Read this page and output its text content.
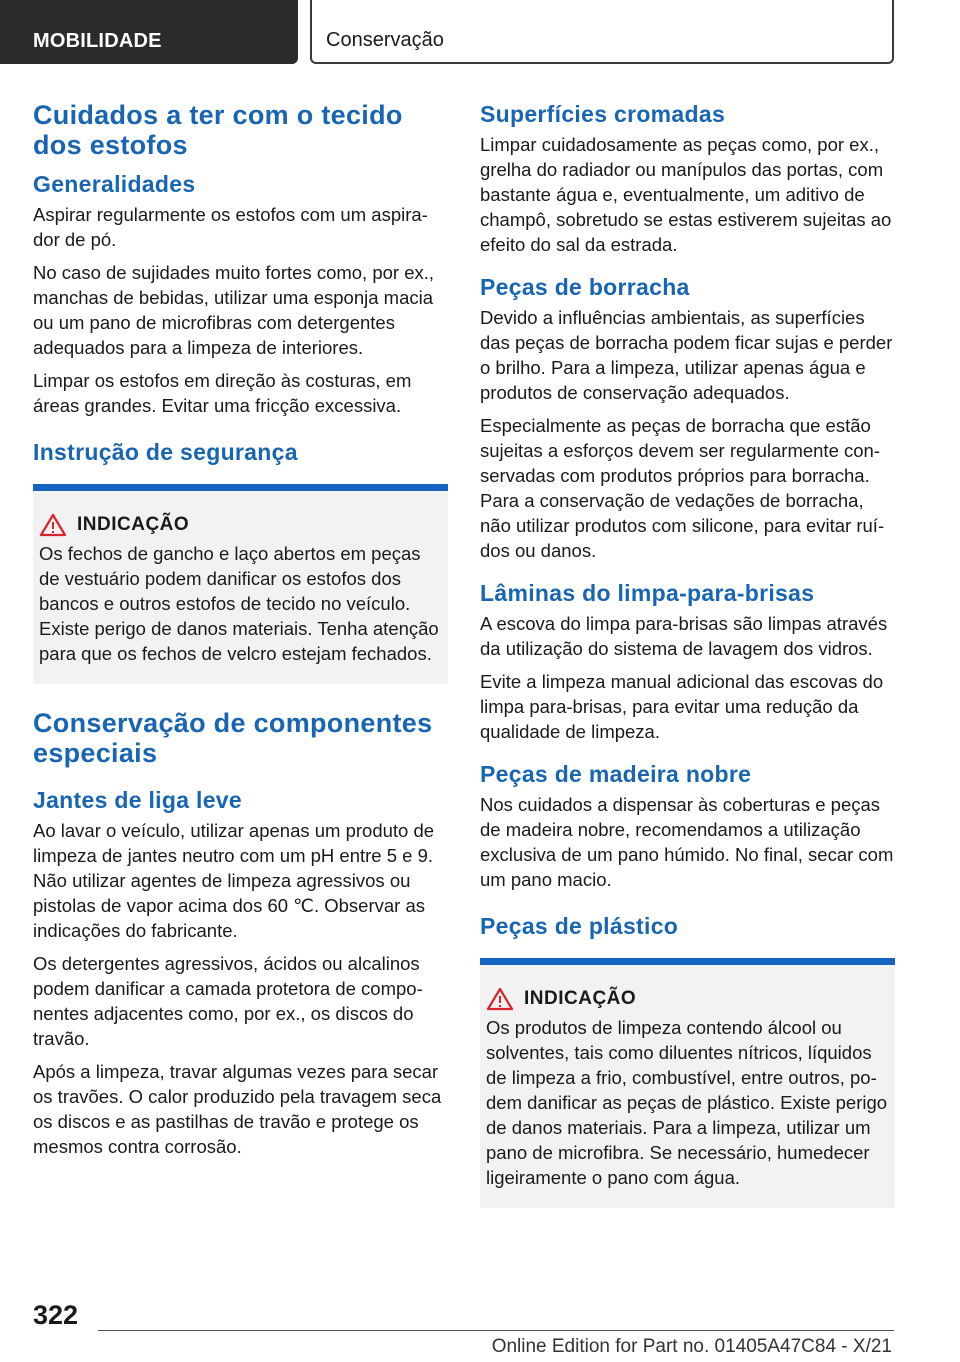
MOBILIDADE	Conservação
Cuidados a ter com o tecido dos estofos
Generalidades

Aspirar regularmente os estofos com um aspirador de pó.

No caso de sujidades muito fortes como, por ex., manchas de bebidas, utilizar uma esponja macia ou um pano de microfibras com detergentes adequados para a limpeza de interiores.

Limpar os estofos em direção às costuras, em áreas grandes. Evitar uma fricção excessiva.

Instrução de segurança
INDICAÇÃO

Os fechos de gancho e laço abertos em peças de vestuário podem danificar os estofos dos bancos e outros estofos de tecido no veículo. Existe perigo de danos materiais. Tenha atenção para que os fechos de velcro estejam fechados.

Conservação de componentes especiais
Jantes de liga leve

Ao lavar o veículo, utilizar apenas um produto de limpeza de jantes neutro com um pH entre 5 e 9. Não utilizar agentes de limpeza agressivos ou pistolas de vapor acima dos 60 ℃. Observar as indicações do fabricante.

Os detergentes agressivos, ácidos ou alcalinos podem danificar a camada protetora de componentes adjacentes como, por ex., os discos do travão.

Após a limpeza, travar algumas vezes para secar os travões. O calor produzido pela travagem seca os discos e as pastilhas de travão e protege os mesmos contra corrosão.

Superfícies cromadas

Limpar cuidadosamente as peças como, por ex., grelha do radiador ou manípulos das portas, com bastante água e, eventualmente, um aditivo de champô, sobretudo se estas estiverem sujeitas ao efeito do sal da estrada.

Peças de borracha

Devido a influências ambientais, as superfícies das peças de borracha podem ficar sujas e perder o brilho. Para a limpeza, utilizar apenas água e produtos de conservação adequados.

Especialmente as peças de borracha que estão sujeitas a esforços devem ser regularmente conservadas com produtos próprios para borracha. Para a conservação de vedações de borracha, não utilizar produtos com silicone, para evitar ruídos ou danos.

Lâminas do limpa-para-brisas

A escova do limpa para-brisas são limpas através da utilização do sistema de lavagem dos vidros.

Evite a limpeza manual adicional das escovas do limpa para-brisas, para evitar uma redução da qualidade de limpeza.

Peças de madeira nobre

Nos cuidados a dispensar às coberturas e peças de madeira nobre, recomendamos a utilização exclusiva de um pano húmido. No final, secar com um pano macio.

Peças de plástico
INDICAÇÃO

Os produtos de limpeza contendo álcool ou solventes, tais como diluentes nítricos, líquidos de limpeza a frio, combustível, entre outros, podem danificar as peças de plástico. Existe perigo de danos materiais. Para a limpeza, utilizar um pano de microfibra. Se necessário, humedecer ligeiramente o pano com água.

322
Online Edition for Part no. 01405A47C84 - X/21
